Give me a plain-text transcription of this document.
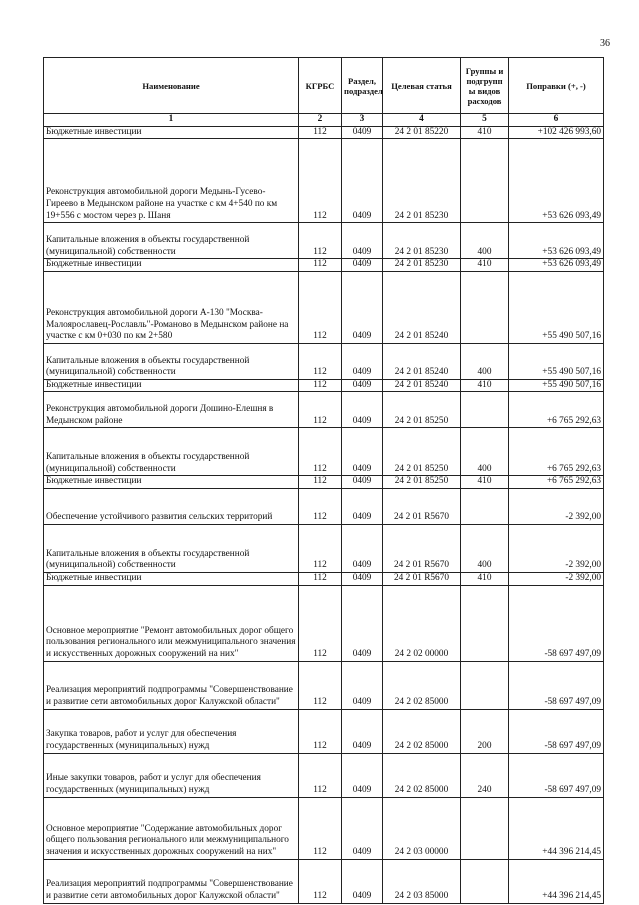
36
Наименование	КГРБС	Раздел, подраздел	Целевая статья	Группы и подгрупп ы видов расходов	Поправки (+, -)
1	2	3	4	5	6
Бюджетные инвестиции	112	0409	24 2 01 85220	410	+102 426 993,60
Реконструкция автомобильной дороги Медынь-Гусево-Гиреево в Медынском районе на участке с км 4+540 по км 19+556 с мостом через р. Шаня	112	0409	24 2 01 85230		+53 626 093,49
Капитальные вложения в объекты государственной (муниципальной) собственности	112	0409	24 2 01 85230	400	+53 626 093,49
Бюджетные инвестиции	112	0409	24 2 01 85230	410	+53 626 093,49
Реконструкция автомобильной дороги А-130 "Москва-Малоярославец-Рославль"-Романово в Медынском районе на участке с км 0+030 по км 2+580	112	0409	24 2 01 85240		+55 490 507,16
Капитальные вложения в объекты государственной (муниципальной) собственности	112	0409	24 2 01 85240	400	+55 490 507,16
Бюджетные инвестиции	112	0409	24 2 01 85240	410	+55 490 507,16
Реконструкция автомобильной дороги Дошино-Елешня в Медынском районе	112	0409	24 2 01 85250		+6 765 292,63
Капитальные вложения в объекты государственной (муниципальной) собственности	112	0409	24 2 01 85250	400	+6 765 292,63
Бюджетные инвестиции	112	0409	24 2 01 85250	410	+6 765 292,63
Обеспечение устойчивого развития сельских территорий	112	0409	24 2 01 R5670		-2 392,00
Капитальные вложения в объекты государственной (муниципальной) собственности	112	0409	24 2 01 R5670	400	-2 392,00
Бюджетные инвестиции	112	0409	24 2 01 R5670	410	-2 392,00
Основное мероприятие "Ремонт автомобильных дорог общего пользования регионального или межмуниципального значения и искусственных дорожных сооружений на них"	112	0409	24 2 02 00000		-58 697 497,09
Реализация мероприятий подпрограммы "Совершенствование и развитие сети автомобильных дорог Калужской области"	112	0409	24 2 02 85000		-58 697 497,09
Закупка товаров, работ и услуг для обеспечения государственных (муниципальных) нужд	112	0409	24 2 02 85000	200	-58 697 497,09
Иные закупки товаров, работ и услуг для обеспечения государственных (муниципальных) нужд	112	0409	24 2 02 85000	240	-58 697 497,09
Основное мероприятие "Содержание автомобильных дорог общего пользования регионального или межмуниципального значения и искусственных дорожных сооружений на них"	112	0409	24 2 03 00000		+44 396 214,45
Реализация мероприятий подпрограммы "Совершенствование и развитие сети автомобильных дорог Калужской области"	112	0409	24 2 03 85000		+44 396 214,45
